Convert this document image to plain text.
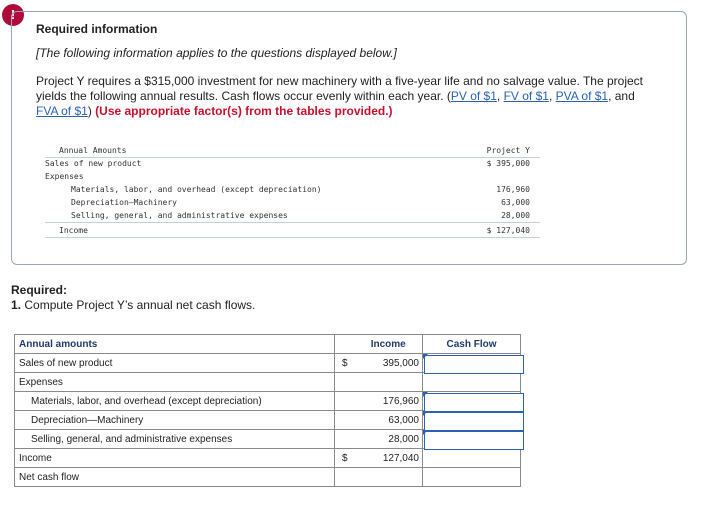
!
Required information
[The following information applies to the questions displayed below.]
Project Y requires a $315,000 investment for new machinery with a five-year life and no salvage value. The project yields the following annual results. Cash flows occur evenly within each year. (PV of $1, FV of $1, PVA of $1, and FVA of $1) (Use appropriate factor(s) from the tables provided.)
Annual Amounts	Project Y
Sales of new product	$ 395,000
Expenses
Materials, labor, and overhead (except depreciation)	176,960
Depreciation—Machinery	63,000
Selling, general, and administrative expenses	28,000
Income	$ 127,040
Required:
1. Compute Project Y’s annual net cash flows.
Annual amounts		Income	Cash Flow
Sales of new product	$	395,000	

Expenses			
Materials, labor, and overhead (except depreciation)		176,960	

Depreciation—Machinery		63,000	

Selling, general, and administrative expenses		28,000	

Income	$	127,040	
Net cash flow			
